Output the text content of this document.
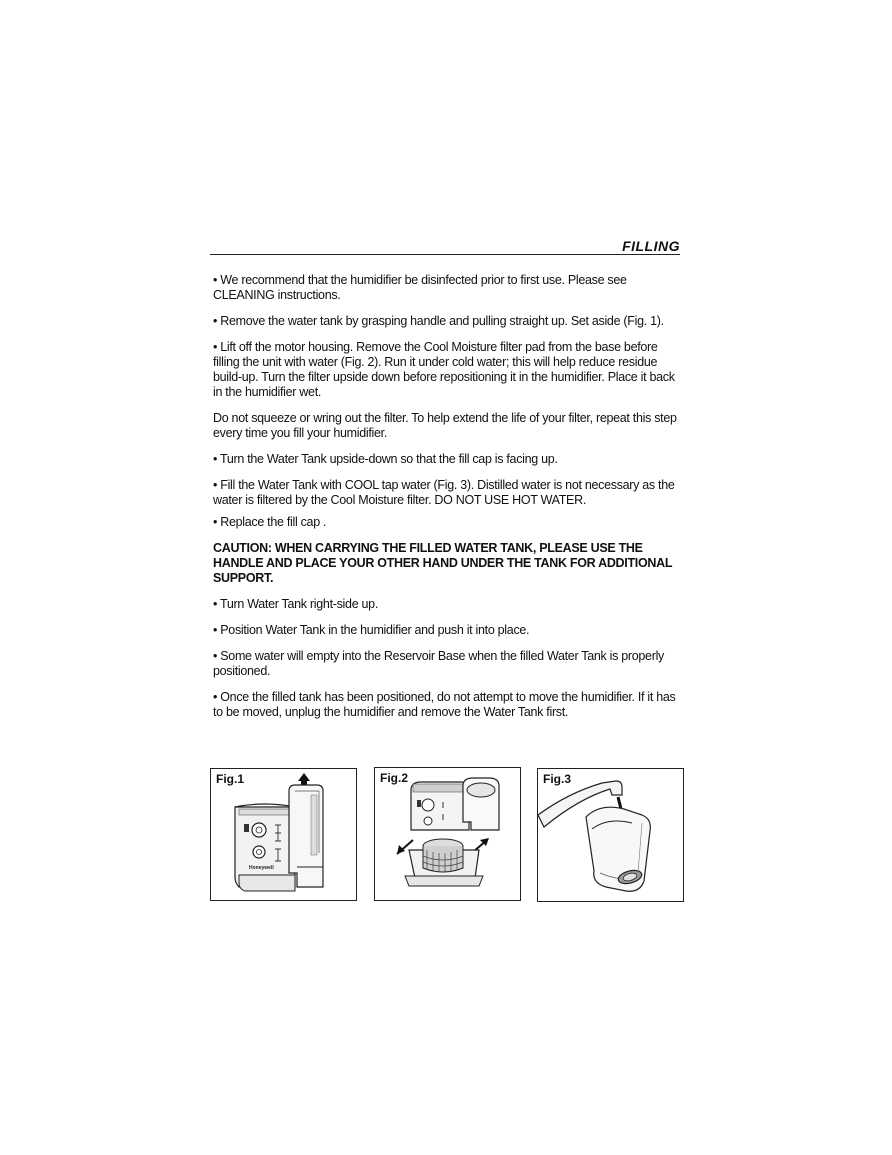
FILLING

• We recommend that the humidifier be disinfected prior to first use. Please see CLEANING instructions.

• Remove the water tank by grasping handle and pulling straight up. Set aside (Fig. 1).

• Lift off the motor housing. Remove the Cool Moisture filter pad from the base before filling the unit with water (Fig. 2). Run it under cold water; this will help reduce residue build-up. Turn the filter upside down before repositioning it in the humidifier. Place it back in the humidifier wet.

Do not squeeze or wring out the filter. To help extend the life of your filter, repeat this step every time you fill your humidifier.

• Turn the Water Tank upside-down so that the fill cap is facing up.

• Fill the Water Tank with COOL tap water (Fig. 3). Distilled water is not necessary as the water is filtered by the Cool Moisture filter. DO NOT USE HOT WATER.

• Replace the fill cap .

CAUTION: WHEN CARRYING THE FILLED WATER TANK, PLEASE USE THE HANDLE AND PLACE YOUR OTHER HAND UNDER THE TANK FOR ADDITIONAL SUPPORT.

• Turn Water Tank right-side up.

• Position Water Tank in the humidifier and push it into place.

• Some water will empty into the Reservoir Base when the filled Water Tank is properly positioned.

• Once the filled tank has been positioned, do not attempt to move the humidifier. If it has to be moved, unplug the humidifier and remove the Water Tank first.

Fig.1
Honeywell
Fig.2	Fig.3
